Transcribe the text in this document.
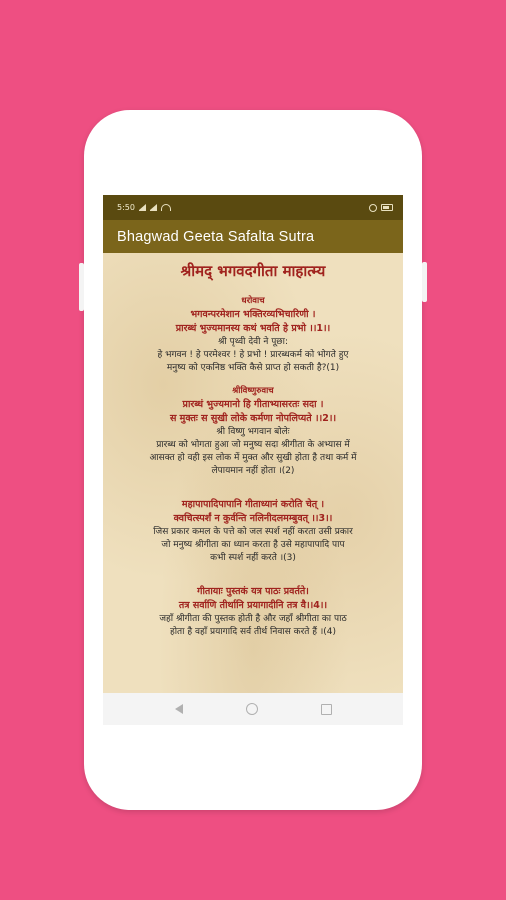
5:50
Bhagwad Geeta Safalta Sutra
श्रीमद् भगवदगीता माहात्म्य
धरोवाच
भगवन्परमेशान भक्तिरव्यभिचारिणी ।
प्रारब्धं भुज्यमानस्य कथं भवति हे प्रभो ।।1।।
श्री पृथ्वी देवी ने पूछा:
हे भगवन ! हे परमेश्वर ! हे प्रभो ! प्रारब्धकर्म को भोगते हुए
मनुष्य को एकनिष्ठ भक्ति कैसे प्राप्त हो सकती है?(1)
श्रीविष्णुरुवाच
प्रारब्धं भुज्यमानो हि गीताभ्यासरतः सदा ।
स मुक्तः स सुखी लोके कर्मणा नोपलिप्यते ।।2।।
श्री विष्णु भगवान बोलेः
प्रारब्ध को भोगता हुआ जो मनुष्य सदा श्रीगीता के अभ्यास में
आसक्त हो वही इस लोक में मुक्त और सुखी होता है तथा कर्म में
लेपायमान नहीं होता ।(2)
महापापादिपापानि गीताध्यानं करोति चेत् ।
क्वचित्स्पर्शं न कुर्वन्ति नलिनीदलमम्बुवत् ।।3।।
जिस प्रकार कमल के पत्ते को जल स्पर्श नहीं करता उसी प्रकार
जो मनुष्य श्रीगीता का ध्यान करता है उसे महापापादि पाप
कभी स्पर्श नहीं करते ।(3)
गीतायाः पुस्तकं यत्र पाठः प्रवर्तते।
तत्र सर्वाणि तीर्थानि प्रयागादीनि तत्र वै।।4।।
जहाँ श्रीगीता की पुस्तक होती है और जहाँ श्रीगीता का पाठ
होता है वहाँ प्रयागादि सर्व तीर्थ निवास करते हैं ।(4)
